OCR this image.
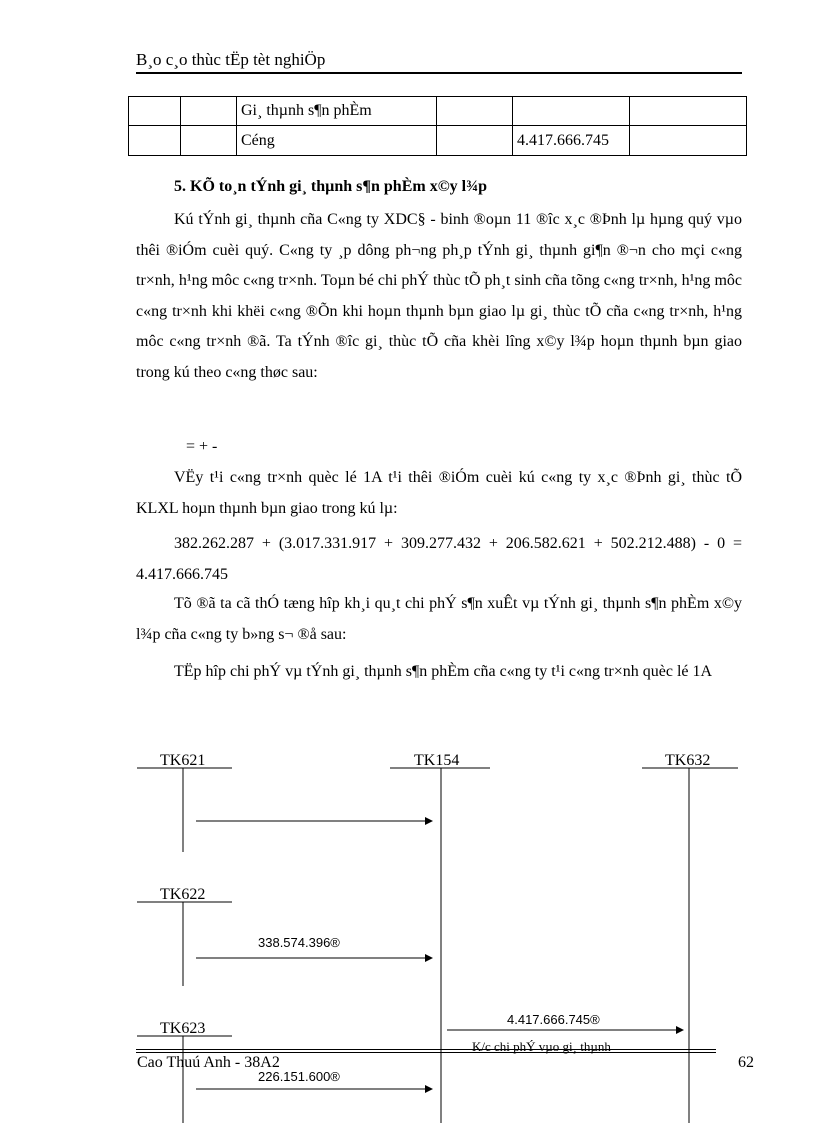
B¸o c¸o thùc tËp tèt nghiÖp
		Gi¸ thµnh s¶n phÈm			
		Céng		4.417.666.745	
5. KÕ to¸n tÝnh gi¸ thµnh s¶n phÈm x©y l¾p
Kú tÝnh gi¸ thµnh cña C«ng ty XDC§ - binh ®oµn 11 ®îc x¸c ®Þnh lµ hµng quý vµo thêi ®iÓm cuèi quý. C«ng ty ¸p dông ph¬ng ph¸p tÝnh gi¸ thµnh gi¶n ®¬n cho mçi c«ng tr×nh, h¹ng môc c«ng tr×nh. Toµn bé chi phÝ thùc tÕ ph¸t sinh cña tõng c«ng tr×nh, h¹ng môc c«ng tr×nh khi khëi c«ng ®Õn khi hoµn thµnh bµn giao lµ gi¸ thùc tÕ cña c«ng tr×nh, h¹ng môc c«ng tr×nh ®ã. Ta tÝnh ®îc gi¸ thùc tÕ cña khèi lîng x©y l¾p hoµn thµnh bµn giao trong kú theo c«ng thøc sau:
= + -
VËy t¹i c«ng tr×nh quèc lé 1A t¹i thêi ®iÓm cuèi kú c«ng ty x¸c ®Þnh gi¸ thùc tÕ KLXL hoµn thµnh bµn giao trong kú lµ:
382.262.287 + (3.017.331.917 + 309.277.432 + 206.582.621 + 502.212.488) - 0 = 4.417.666.745
Tõ ®ã ta cã thÓ tæng hîp kh¸i qu¸t chi phÝ s¶n xuÊt vµ tÝnh gi¸ thµnh s¶n phÈm x©y l¾p cña c«ng ty b»ng s¬ ®å sau:
TËp hîp chi phÝ vµ tÝnh gi¸ thµnh s¶n phÈm cña c«ng ty t¹i c«ng tr×nh quèc lé 1A
TK621	TK154	TK632
TK622
TK623
338.574.396®
4.417.666.745®
226.151.600®
K/c chi phÝ vµo gi¸ thµnh
Cao Thuú Anh - 38A2	62
